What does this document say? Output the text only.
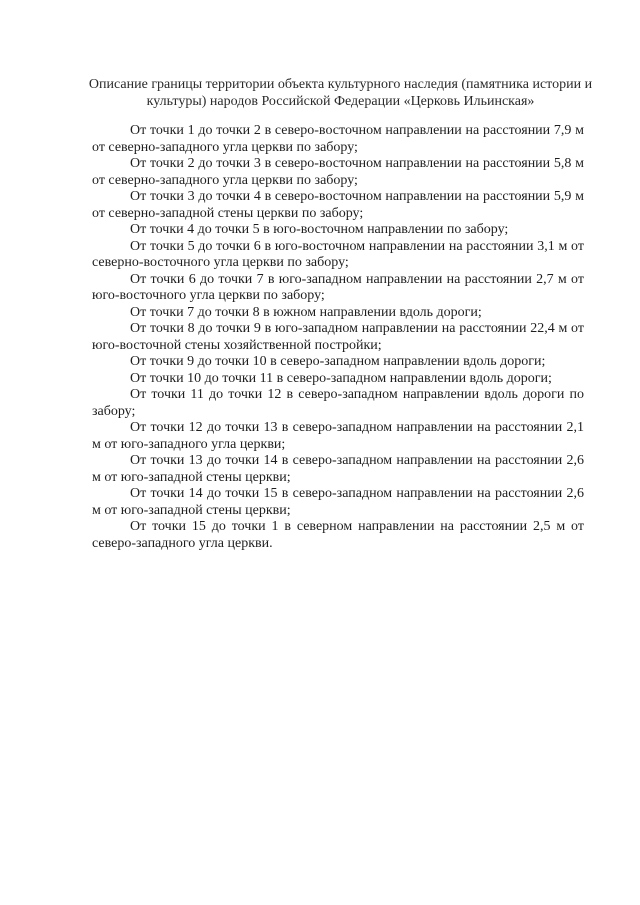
Описание границы территории объекта культурного наследия (памятника истории и культуры) народов Российской Федерации «Церковь Ильинская»

От точки 1 до точки 2 в северо-восточном направлении на расстоянии 7,9 м от северно-западного угла церкви по забору;

От точки 2 до точки 3 в северо-восточном направлении на расстоянии 5,8 м от северно-западного угла церкви по забору;

От точки 3 до точки 4 в северо-восточном направлении на расстоянии 5,9 м от северно-западной стены церкви по забору;

От точки 4 до точки 5 в юго-восточном направлении по забору;

От точки 5 до точки 6 в юго-восточном направлении на расстоянии 3,1 м от северно-восточного угла церкви по забору;

От точки 6 до точки 7 в юго-западном направлении на расстоянии 2,7 м от юго-восточного угла церкви по забору;

От точки 7 до точки 8 в южном направлении вдоль дороги;

От точки 8 до точки 9 в юго-западном направлении на расстоянии 22,4 м от юго-восточной стены хозяйственной постройки;

От точки 9 до точки 10 в северо-западном направлении вдоль дороги;

От точки 10 до точки 11 в северо-западном направлении вдоль дороги;

От точки 11 до точки 12 в северо-западном направлении вдоль дороги по забору;

От точки 12 до точки 13 в северо-западном направлении на расстоянии 2,1 м от юго-западного угла церкви;

От точки 13 до точки 14 в северо-западном направлении на расстоянии 2,6 м от юго-западной стены церкви;

От точки 14 до точки 15 в северо-западном направлении на расстоянии 2,6 м от юго-западной стены церкви;

От точки 15 до точки 1 в северном направлении на расстоянии 2,5 м от северо-западного угла церкви.
